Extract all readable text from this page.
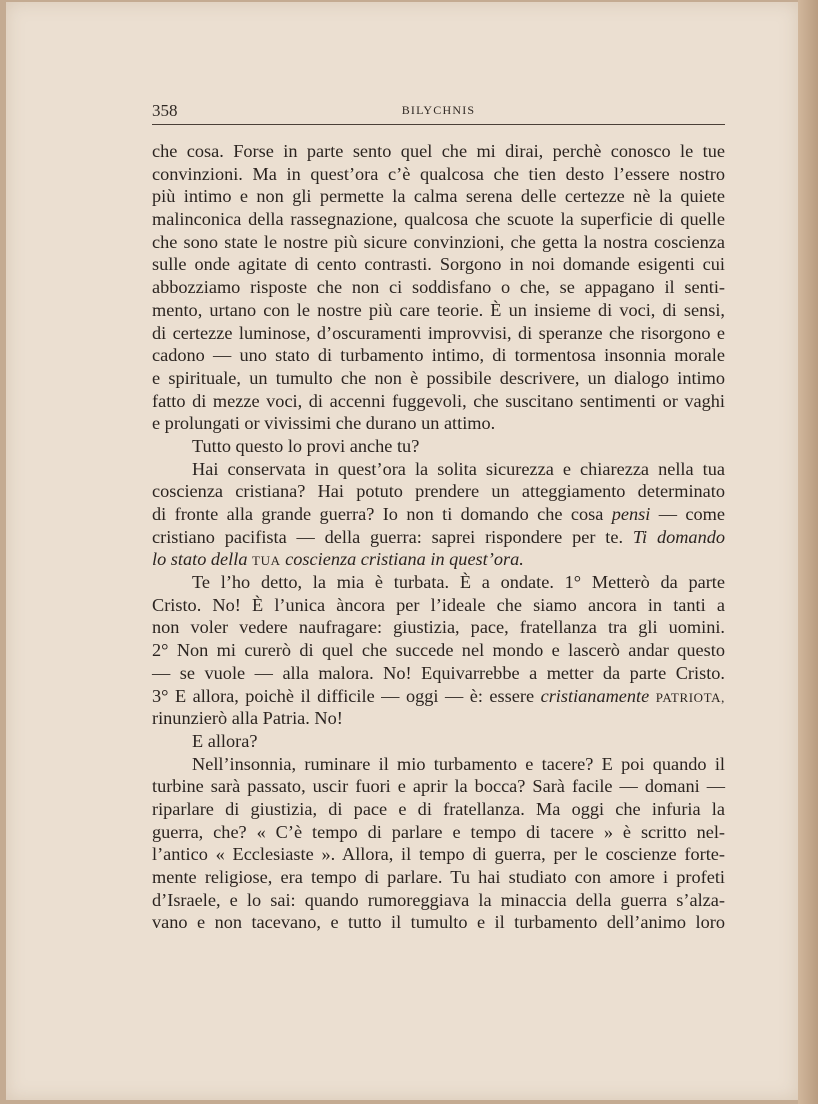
358	BILYCHNIS
che cosa. Forse in parte sento quel che mi dirai, perchè conosco le tue
convinzioni. Ma in quest’ora c’è qualcosa che tien desto l’essere nostro
più intimo e non gli permette la calma serena delle certezze nè la quiete
malinconica della rassegnazione, qualcosa che scuote la superficie di quelle
che sono state le nostre più sicure convinzioni, che getta la nostra coscienza
sulle onde agitate di cento contrasti. Sorgono in noi domande esigenti cui
abbozziamo risposte che non ci soddisfano o che, se appagano il senti-
mento, urtano con le nostre più care teorie. È un insieme di voci, di sensi,
di certezze luminose, d’oscuramenti improvvisi, di speranze che risorgono e
cadono — uno stato di turbamento intimo, di tormentosa insonnia morale
e spirituale, un tumulto che non è possibile descrivere, un dialogo intimo
fatto di mezze voci, di accenni fuggevoli, che suscitano sentimenti or vaghi
e prolungati or vivissimi che durano un attimo.
Tutto questo lo provi anche tu?
Hai conservata in quest’ora la solita sicurezza e chiarezza nella tua
coscienza cristiana? Hai potuto prendere un atteggiamento determinato
di fronte alla grande guerra? Io non ti domando che cosa pensi — come
cristiano pacifista — della guerra: saprei rispondere per te. Ti domando
lo stato della TUA coscienza cristiana in quest’ora.
Te l’ho detto, la mia è turbata. È a ondate. 1° Metterò da parte
Cristo. No! È l’unica àncora per l’ideale che siamo ancora in tanti a
non voler vedere naufragare: giustizia, pace, fratellanza tra gli uomini.
2° Non mi curerò di quel che succede nel mondo e lascerò andar questo
— se vuole — alla malora. No! Equivarrebbe a metter da parte Cristo.
3° E allora, poichè il difficile — oggi — è: essere cristianamente PATRIOTA,
rinunzierò alla Patria. No!
E allora?
Nell’insonnia, ruminare il mio turbamento e tacere? E poi quando il
turbine sarà passato, uscir fuori e aprir la bocca? Sarà facile — domani —
riparlare di giustizia, di pace e di fratellanza. Ma oggi che infuria la
guerra, che? « C’è tempo di parlare e tempo di tacere » è scritto nel-
l’antico « Ecclesiaste ». Allora, il tempo di guerra, per le coscienze forte-
mente religiose, era tempo di parlare. Tu hai studiato con amore i profeti
d’Israele, e lo sai: quando rumoreggiava la minaccia della guerra s’alza-
vano e non tacevano, e tutto il tumulto e il turbamento dell’animo loro
